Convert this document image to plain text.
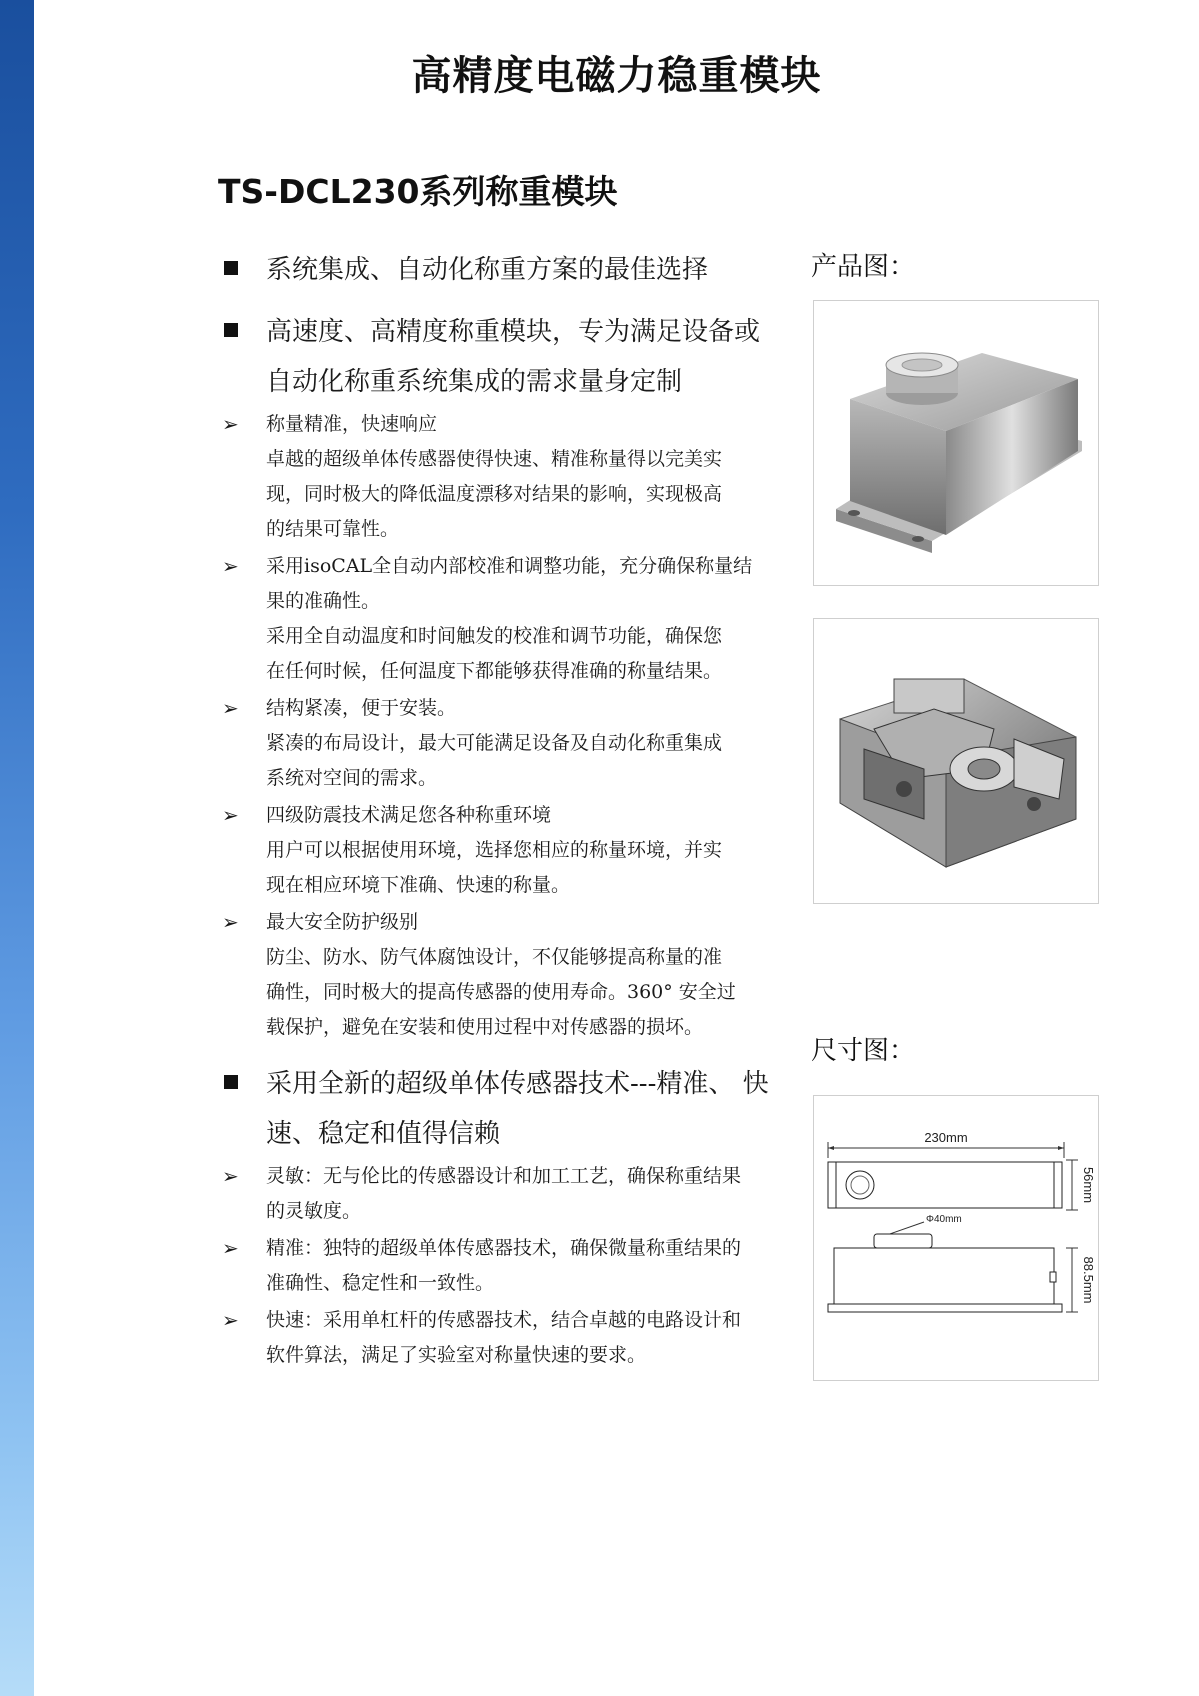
高精度电磁力稳重模块
TS-DCL230系列称重模块
系统集成、自动化称重方案的最佳选择
高速度、高精度称重模块，专为满足设备或 自动化称重系统集成的需求量身定制
➢ 称量精准，快速响应
卓越的超级单体传感器使得快速、精准称量得以完美实
现，同时极大的降低温度漂移对结果的影响，实现极高
的结果可靠性。
➢ 采用isoCAL全自动内部校准和调整功能，充分确保称量结
果的准确性。
采用全自动温度和时间触发的校准和调节功能，确保您
在任何时候，任何温度下都能够获得准确的称量结果。
➢ 结构紧凑，便于安装。
紧凑的布局设计，最大可能满足设备及自动化称重集成
系统对空间的需求。
➢ 四级防震技术满足您各种称重环境
用户可以根据使用环境，选择您相应的称量环境，并实
现在相应环境下准确、快速的称量。
➢ 最大安全防护级别
防尘、防水、防气体腐蚀设计，不仅能够提高称量的准
确性，同时极大的提高传感器的使用寿命。360° 安全过
载保护，避免在安装和使用过程中对传感器的损坏。
采用全新的超级单体传感器技术---精准、 快速、稳定和值得信赖
➢ 灵敏：无与伦比的传感器设计和加工工艺，确保称重结果
的灵敏度。
➢ 精准：独特的超级单体传感器技术，确保微量称重结果的
准确性、稳定性和一致性。
➢ 快速：采用单杠杆的传感器技术，结合卓越的电路设计和
软件算法，满足了实验室对称量快速的要求。
产品图：
尺寸图：
230mm
56mm
Φ40mm
88.5mm
